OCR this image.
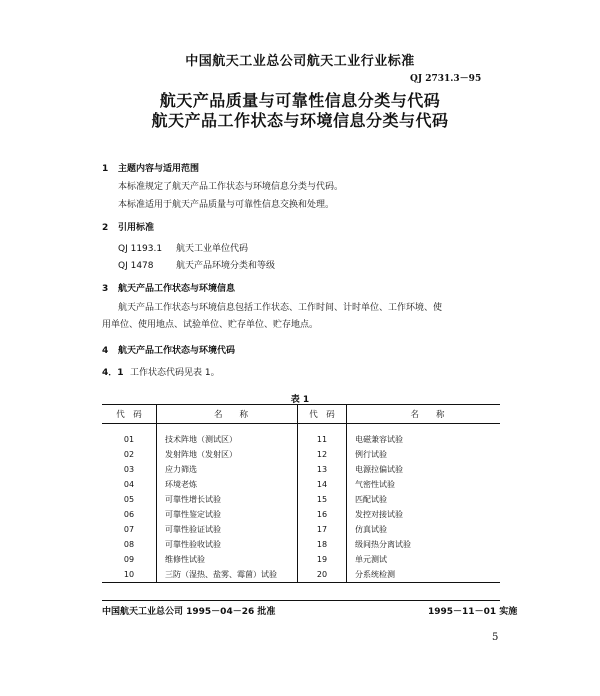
中国航天工业总公司航天工业行业标准
QJ 2731.3－95
航天产品质量与可靠性信息分类与代码
航天产品工作状态与环境信息分类与代码
1 主题内容与适用范围
本标准规定了航天产品工作状态与环境信息分类与代码。
本标准适用于航天产品质量与可靠性信息交换和处理。
2 引用标准
QJ 1193.1 航天工业单位代码
QJ 1478 航天产品环境分类和等级
3 航天产品工作状态与环境信息
航天产品工作状态与环境信息包括工作状态、工作时间、计时单位、工作环境、使
用单位、使用地点、试验单位、贮存单位、贮存地点。
4 航天产品工作状态与环境代码
4．1 工作状态代码见表 1。
表 1
代　码	名　　称	代　码	名　　称
01	技术阵地（测试区）	11	电磁兼容试验
02	发射阵地（发射区）	12	例行试验
03	应力筛选	13	电源拉偏试验
04	环境老炼	14	气密性试验
05	可靠性增长试验	15	匹配试验
06	可靠性鉴定试验	16	发控对接试验
07	可靠性验证试验	17	仿真试验
08	可靠性验收试验	18	级间热分离试验
09	维修性试验	19	单元测试
10	三防（湿热、盐雾、霉菌）试验	20	分系统检测
中国航天工业总公司 1995－04－26 批准	1995－11－01 实施
5
